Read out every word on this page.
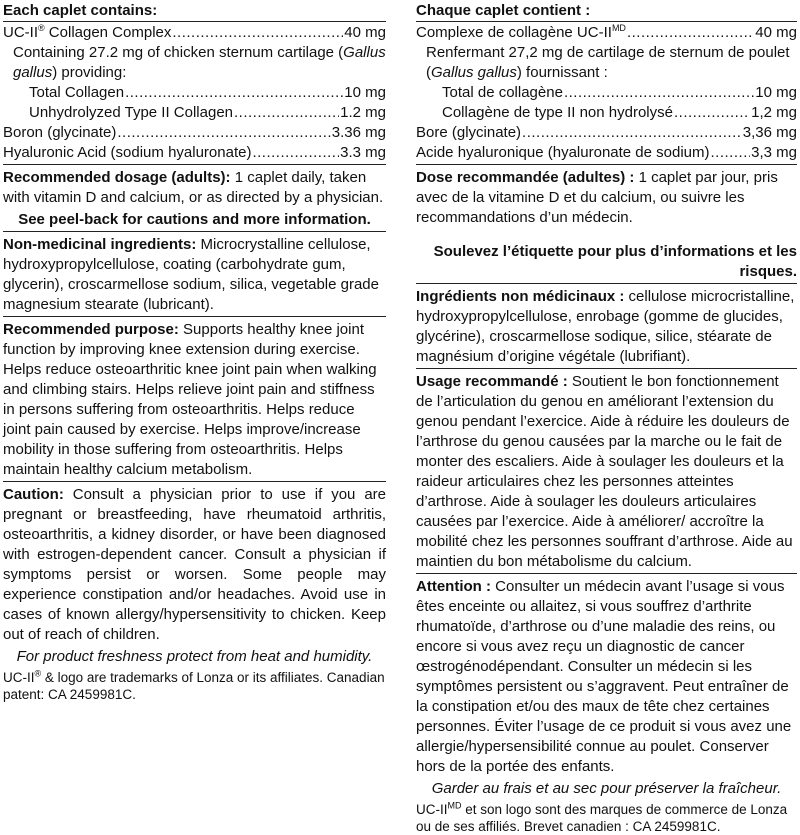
Each caplet contains:
UC-II® Collagen Complex .....	40 mg
Containing 27.2 mg of chicken sternum cartilage (Gallus gallus) providing:
Total Collagen .....	10 mg
Unhydrolyzed Type II Collagen .....	1.2 mg
Boron (glycinate) .....	3.36 mg
Hyaluronic Acid (sodium hyaluronate) .....	3.3 mg

Recommended dosage (adults): 1 caplet daily, taken with vitamin D and calcium, or as directed by a physician.

See peel-back for cautions and more information.

Non-medicinal ingredients: Microcrystalline cellulose, hydroxypropylcellulose, coating (carbohydrate gum, glycerin), croscarmellose sodium, silica, vegetable grade magnesium stearate (lubricant).

Recommended purpose: Supports healthy knee joint function by improving knee extension during exercise. Helps reduce osteoarthritic knee joint pain when walking and climbing stairs. Helps relieve joint pain and stiffness in persons suffering from osteoarthritis. Helps reduce joint pain caused by exercise. Helps improve/increase mobility in those suffering from osteoarthritis. Helps maintain healthy calcium metabolism.

Caution: Consult a physician prior to use if you are pregnant or breastfeeding, have rheumatoid arthritis, osteoarthritis, a kidney disorder, or have been diagnosed with estrogen-dependent cancer. Consult a physician if symptoms persist or worsen. Some people may experience constipation and/or headaches. Avoid use in cases of known allergy/hypersensitivity to chicken. Keep out of reach of children.

For product freshness protect from heat and humidity.
UC-II® & logo are trademarks of Lonza or its affiliates. Canadian patent: CA 2459981C.
Chaque caplet contient :
Complexe de collagène $UC-II^{MD}$ .....	40 mg
Renfermant 27,2 mg de cartilage de sternum de poulet (Gallus gallus) fournissant :
Total de collagène .....	10 mg
Collagène de type II non hydrolysé .....	1,2 mg
Bore (glycinate) .....	3,36 mg
Acide hyaluronique (hyaluronate de sodium) .....	3,3 mg

Dose recommandée (adultes) : 1 caplet par jour, pris avec de la vitamine D et du calcium, ou suivre les recommandations d’un médecin.

Soulevez l’étiquette pour plus d’informations et les risques.

Ingrédients non médicinaux : cellulose microcristalline, hydroxypropylcellulose, enrobage (gomme de glucides, glycérine), croscarmellose sodique, silice, stéarate de magnésium d’origine végétale (lubrifiant).

Usage recommandé : Soutient le bon fonctionnement de l’articulation du genou en améliorant l’extension du genou pendant l’exercice. Aide à réduire les douleurs de l’arthrose du genou causées par la marche ou le fait de monter des escaliers. Aide à soulager les douleurs et la raideur articulaires chez les personnes atteintes d’arthrose. Aide à soulager les douleurs articulaires causées par l’exercice. Aide à améliorer/ accroître la mobilité chez les personnes souffrant d’arthrose. Aide au maintien du bon métabolisme du calcium.

Attention : Consulter un médecin avant l’usage si vous êtes enceinte ou allaitez, si vous souffrez d’arthrite rhumatoïde, d’arthrose ou d’une maladie des reins, ou encore si vous avez reçu un diagnostic de cancer œstrogénodépendant. Consulter un médecin si les symptômes persistent ou s’aggravent. Peut entraîner de la constipation et/ou des maux de tête chez certaines personnes. Éviter l’usage de ce produit si vous avez une allergie/hypersensibilité connue au poulet. Conserver hors de la portée des enfants.

Garder au frais et au sec pour préserver la fraîcheur.
$UC-II^{MD}$ et son logo sont des marques de commerce de Lonza ou de ses affiliés. Brevet canadien : CA 2459981C.
